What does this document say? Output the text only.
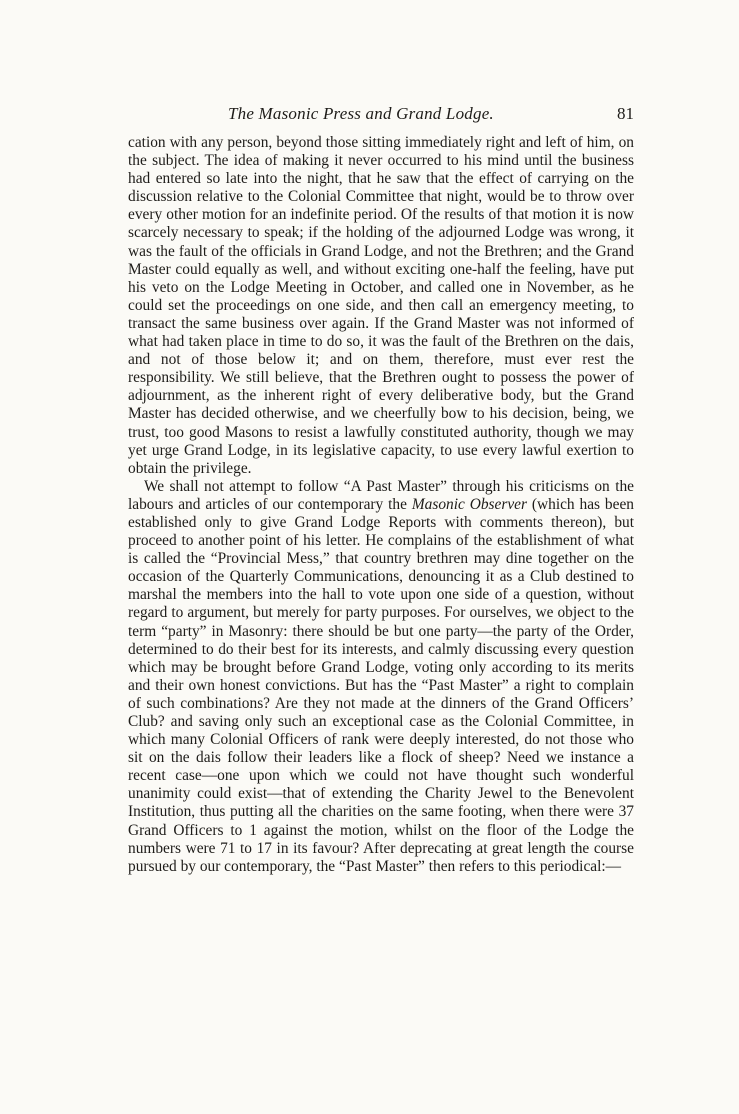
The Masonic Press and Grand Lodge.	81

cation with any person, beyond those sitting immediately right and left of him, on the subject. The idea of making it never occurred to his mind until the business had entered so late into the night, that he saw that the effect of carrying on the discussion relative to the Colonial Committee that night, would be to throw over every other motion for an indefinite period. Of the results of that motion it is now scarcely necessary to speak; if the holding of the adjourned Lodge was wrong, it was the fault of the officials in Grand Lodge, and not the Brethren; and the Grand Master could equally as well, and without exciting one-half the feeling, have put his veto on the Lodge Meeting in October, and called one in November, as he could set the proceedings on one side, and then call an emergency meeting, to transact the same business over again. If the Grand Master was not informed of what had taken place in time to do so, it was the fault of the Brethren on the dais, and not of those below it; and on them, therefore, must ever rest the responsibility. We still believe, that the Brethren ought to possess the power of adjournment, as the inherent right of every deliberative body, but the Grand Master has decided otherwise, and we cheerfully bow to his decision, being, we trust, too good Masons to resist a lawfully constituted authority, though we may yet urge Grand Lodge, in its legislative capacity, to use every lawful exertion to obtain the privilege.

We shall not attempt to follow “A Past Master” through his criticisms on the labours and articles of our contemporary the Masonic Observer (which has been established only to give Grand Lodge Reports with comments thereon), but proceed to another point of his letter. He complains of the establishment of what is called the “Provincial Mess,” that country brethren may dine together on the occasion of the Quarterly Communications, denouncing it as a Club destined to marshal the members into the hall to vote upon one side of a question, without regard to argument, but merely for party purposes. For ourselves, we object to the term “party” in Masonry: there should be but one party—the party of the Order, determined to do their best for its interests, and calmly discussing every question which may be brought before Grand Lodge, voting only according to its merits and their own honest convictions. But has the “Past Master” a right to complain of such combinations? Are they not made at the dinners of the Grand Officers’ Club? and saving only such an exceptional case as the Colonial Committee, in which many Colonial Officers of rank were deeply interested, do not those who sit on the dais follow their leaders like a flock of sheep? Need we instance a recent case—one upon which we could not have thought such wonderful unanimity could exist—that of extending the Charity Jewel to the Benevolent Institution, thus putting all the charities on the same footing, when there were 37 Grand Officers to 1 against the motion, whilst on the floor of the Lodge the numbers were 71 to 17 in its favour? After deprecating at great length the course pursued by our contemporary, the “Past Master” then refers to this periodical:—
